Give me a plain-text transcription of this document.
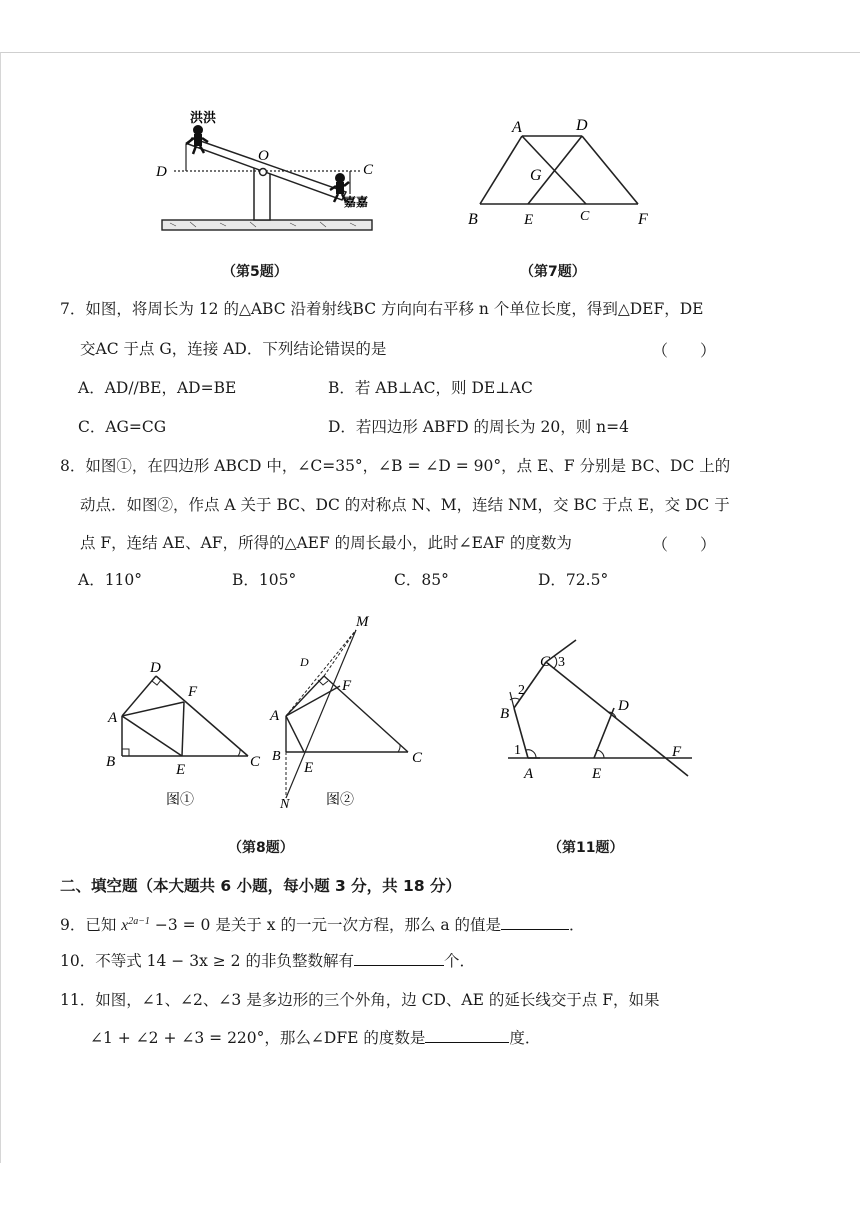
洪洪
嘉嘉
D
O
C
（第5题）
A	D
G
B	E	C	F
（第7题）
7．如图，将周长为 12 的△ABC 沿着射线BC 方向向右平移 n 个单位长度，得到△DEF，DE
交AC 于点 G，连接 AD．下列结论错误的是	（　　）
A．AD//BE，AD=BE	B．若 AB⊥AC，则 DE⊥AC
C．AG=CG	D．若四边形 ABFD 的周长为 20，则 n=4
8．如图①，在四边形 ABCD 中，∠C=35°，∠B = ∠D = 90°，点 E、F 分别是 BC、DC 上的
动点．如图②，作点 A 关于 BC、DC 的对称点 N、M，连结 NM，交 BC 于点 E，交 DC 于
点 F，连结 AE、AF，所得的△AEF 的周长最小，此时∠EAF 的度数为	（　　）
A．110°	B．105°	C．85°	D．72.5°
D
F
A
B	E	C
图①
M
D
F
A
B
E
C
N	图②
（第8题）
C 3
2
B	D
1
A	E
F
（第11题）
二、填空题（本大题共 6 小题，每小题 3 分，共 18 分）
9．已知 $x^{2a-1} -3 = 0$ 是关于 x 的一元一次方程，那么 a 的值是	．
10．不等式 14 − 3x ≥ 2 的非负整数解有	个．
11．如图，∠1、∠2、∠3 是多边形的三个外角，边 CD、AE 的延长线交于点 F，如果
∠1 + ∠2 + ∠3 = 220°，那么∠DFE 的度数是	度．
